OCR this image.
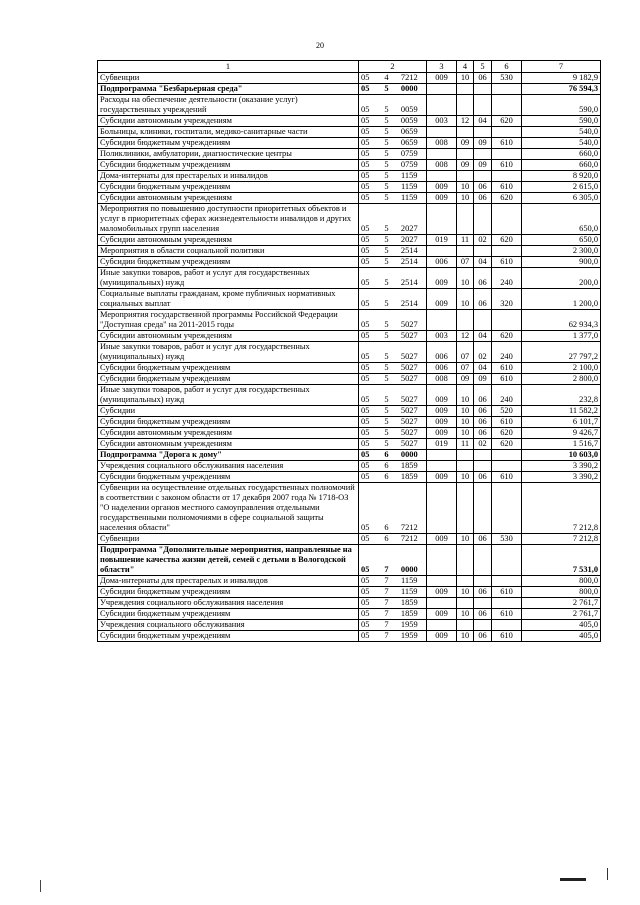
20
1	2			3	4	5	6	7
Субвенции	05	4	7212	009	10	06	530	9 182,9
Подпрограмма "Безбарьерная среда"	05	5	0000					76 594,3
Расходы на обеспечение деятельности (оказание услуг) государственных учреждений	05	5	0059					590,0
Субсидии автономным учреждениям	05	5	0059	003	12	04	620	590,0
Больницы, клиники, госпитали, медико-санитарные части	05	5	0659					540,0
Субсидии бюджетным учреждениям	05	5	0659	008	09	09	610	540,0
Поликлиники, амбулатории, диагностические центры	05	5	0759					660,0
Субсидии бюджетным учреждениям	05	5	0759	008	09	09	610	660,0
Дома-интернаты для престарелых и инвалидов	05	5	1159					8 920,0
Субсидии бюджетным учреждениям	05	5	1159	009	10	06	610	2 615,0
Субсидии автономным учреждениям	05	5	1159	009	10	06	620	6 305,0
Мероприятия по повышению доступности приоритетных объектов и услуг в приоритетных сферах жизнедеятельности инвалидов и других маломобильных групп населения	05	5	2027					650,0
Субсидии автономным учреждениям	05	5	2027	019	11	02	620	650,0
Мероприятия в области социальной политики	05	5	2514					2 300,0
Субсидии бюджетным учреждениям	05	5	2514	006	07	04	610	900,0
Иные закупки товаров, работ и услуг для государственных (муниципальных) нужд	05	5	2514	009	10	06	240	200,0
Социальные выплаты гражданам, кроме публичных нормативных социальных выплат	05	5	2514	009	10	06	320	1 200,0
Мероприятия государственной программы Российской Федерации "Доступная среда" на 2011-2015 годы	05	5	5027					62 934,3
Субсидии автономным учреждениям	05	5	5027	003	12	04	620	1 377,0
Иные закупки товаров, работ и услуг для государственных (муниципальных) нужд	05	5	5027	006	07	02	240	27 797,2
Субсидии бюджетным учреждениям	05	5	5027	006	07	04	610	2 100,0
Субсидии бюджетным учреждениям	05	5	5027	008	09	09	610	2 800,0
Иные закупки товаров, работ и услуг для государственных (муниципальных) нужд	05	5	5027	009	10	06	240	232,8
Субсидии	05	5	5027	009	10	06	520	11 582,2
Субсидии бюджетным учреждениям	05	5	5027	009	10	06	610	6 101,7
Субсидии автономным учреждениям	05	5	5027	009	10	06	620	9 426,7
Субсидии автономным учреждениям	05	5	5027	019	11	02	620	1 516,7
Подпрограмма "Дорога к дому"	05	6	0000					10 603,0
Учреждения социального обслуживания населения	05	6	1859					3 390,2
Субсидии бюджетным учреждениям	05	6	1859	009	10	06	610	3 390,2
Субвенции на осуществление отдельных государственных полномочий в соответствии с законом области от 17 декабря 2007 года № 1718-ОЗ "О наделении органов местного самоуправления отдельными государственными полномочиями в сфере социальной защиты населения области"	05	6	7212					7 212,8
Субвенции	05	6	7212	009	10	06	530	7 212,8
Подпрограмма "Дополнительные мероприятия, направленные на повышение качества жизни детей, семей с детьми в Вологодской области"	05	7	0000					7 531,0
Дома-интернаты для престарелых и инвалидов	05	7	1159					800,0
Субсидии бюджетным учреждениям	05	7	1159	009	10	06	610	800,0
Учреждения социального обслуживания населения	05	7	1859					2 761,7
Субсидии бюджетным учреждениям	05	7	1859	009	10	06	610	2 761,7
Учреждения социального обслуживания	05	7	1959					405,0
Субсидии бюджетным учреждениям	05	7	1959	009	10	06	610	405,0
